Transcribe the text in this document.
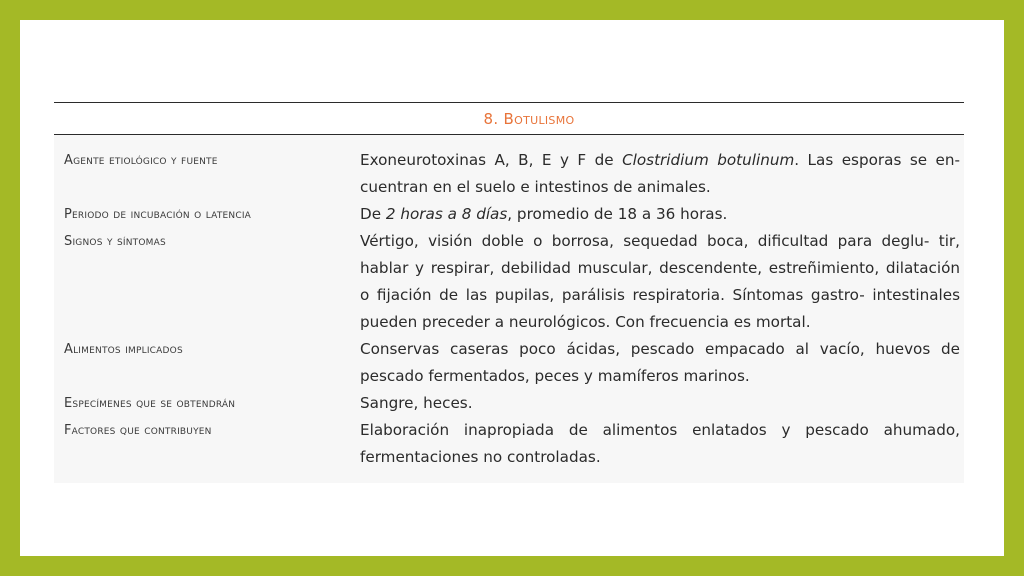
8. Botulismo
Agente etiológico y fuente	Exoneurotoxinas A, B, E y F de Clostridium botulinum. Las esporas se en- cuentran en el suelo e intestinos de animales.
Periodo de incubación o latencia	De 2 horas a 8 días, promedio de 18 a 36 horas.
Signos y síntomas	Vértigo, visión doble o borrosa, sequedad boca, dificultad para deglu- tir, hablar y respirar, debilidad muscular, descendente, estreñimiento, dilatación o fijación de las pupilas, parálisis respiratoria. Síntomas gastro- intestinales pueden preceder a neurológicos. Con frecuencia es mortal.
Alimentos implicados	Conservas caseras poco ácidas, pescado empacado al vacío, huevos de pescado fermentados, peces y mamíferos marinos.
Especímenes que se obtendrán	Sangre, heces.
Factores que contribuyen	Elaboración inapropiada de alimentos enlatados y pescado ahumado, fermentaciones no controladas.
